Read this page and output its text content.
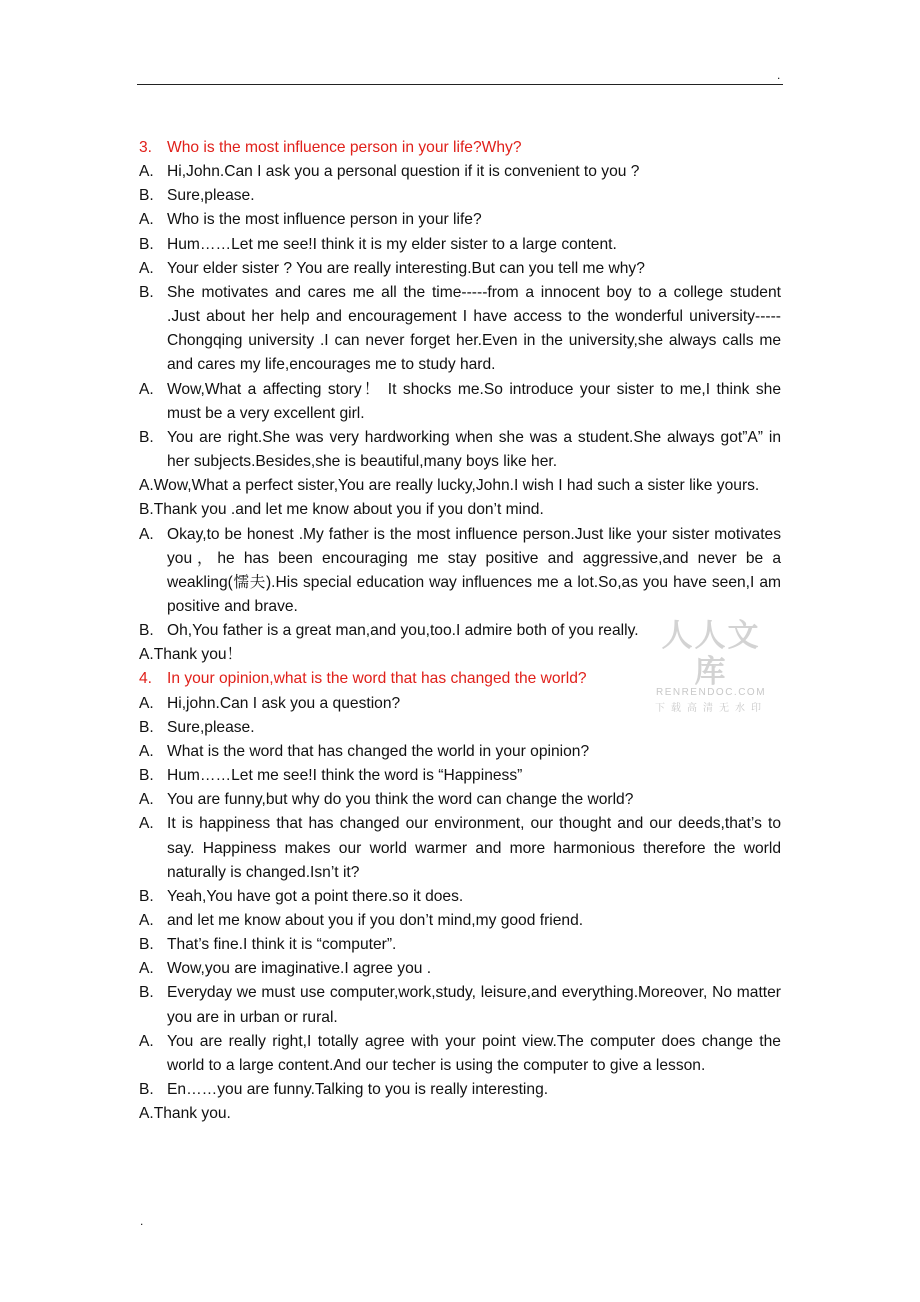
.
3. Who is the most influence person in your life?Why?
A. Hi,John.Can I ask you a personal question if it is convenient to you ?
B. Sure,please.
A. Who is the most influence person in your life?
B. Hum……Let me see!I think it is my elder sister to a large content.
A. Your elder sister ? You are really interesting.But can you tell me why?
B. She motivates and cares me all the time-----from a innocent boy to a college student .Just about her help and encouragement I have access to the wonderful university-----Chongqing university .I can never forget her.Even in the university,she always calls me and cares my life,encourages me to study hard.
A. Wow,What a affecting story！ It shocks me.So introduce your sister to me,I think she must be a very excellent girl.
B. You are right.She was very hardworking when she was a student.She always got”A” in her subjects.Besides,she is beautiful,many boys like her.
A.Wow,What a perfect sister,You are really lucky,John.I wish I had such a sister like yours.
B.Thank you .and let me know about you if you don’t mind.
A. Okay,to be honest .My father is the most influence person.Just like your sister motivates you，he has been encouraging me stay positive and aggressive,and never be a weakling(懦夫).His special education way influences me a lot.So,as you have seen,I am positive and brave.
B. Oh,You father is a great man,and you,too.I admire both of you really.
A.Thank you！
4. In your opinion,what is the word that has changed the world?
A. Hi,john.Can I ask you a question?
B. Sure,please.
A. What is the word that has changed the world in your opinion?
B. Hum……Let me see!I think the word is “Happiness”
A. You are funny,but why do you think the word can change the world?
A. It is happiness that has changed our environment, our thought and our deeds,that’s to say. Happiness makes our world warmer and more harmonious therefore the world naturally is changed.Isn’t it?
B. Yeah,You have got a point there.so it does.
A. and let me know about you if you don’t mind,my good friend.
B. That’s fine.I think it is “computer”.
A. Wow,you are imaginative.I agree you .
B. Everyday we must use computer,work,study, leisure,and everything.Moreover, No matter you are in urban or rural.
A. You are really right,I totally agree with your point view.The computer does change the world to a large content.And our techer is using the computer to give a lesson.
B. En……you are funny.Talking to you is really interesting.
A.Thank you.
人人文库
RENRENDOC.COM
下载高清无水印
.
